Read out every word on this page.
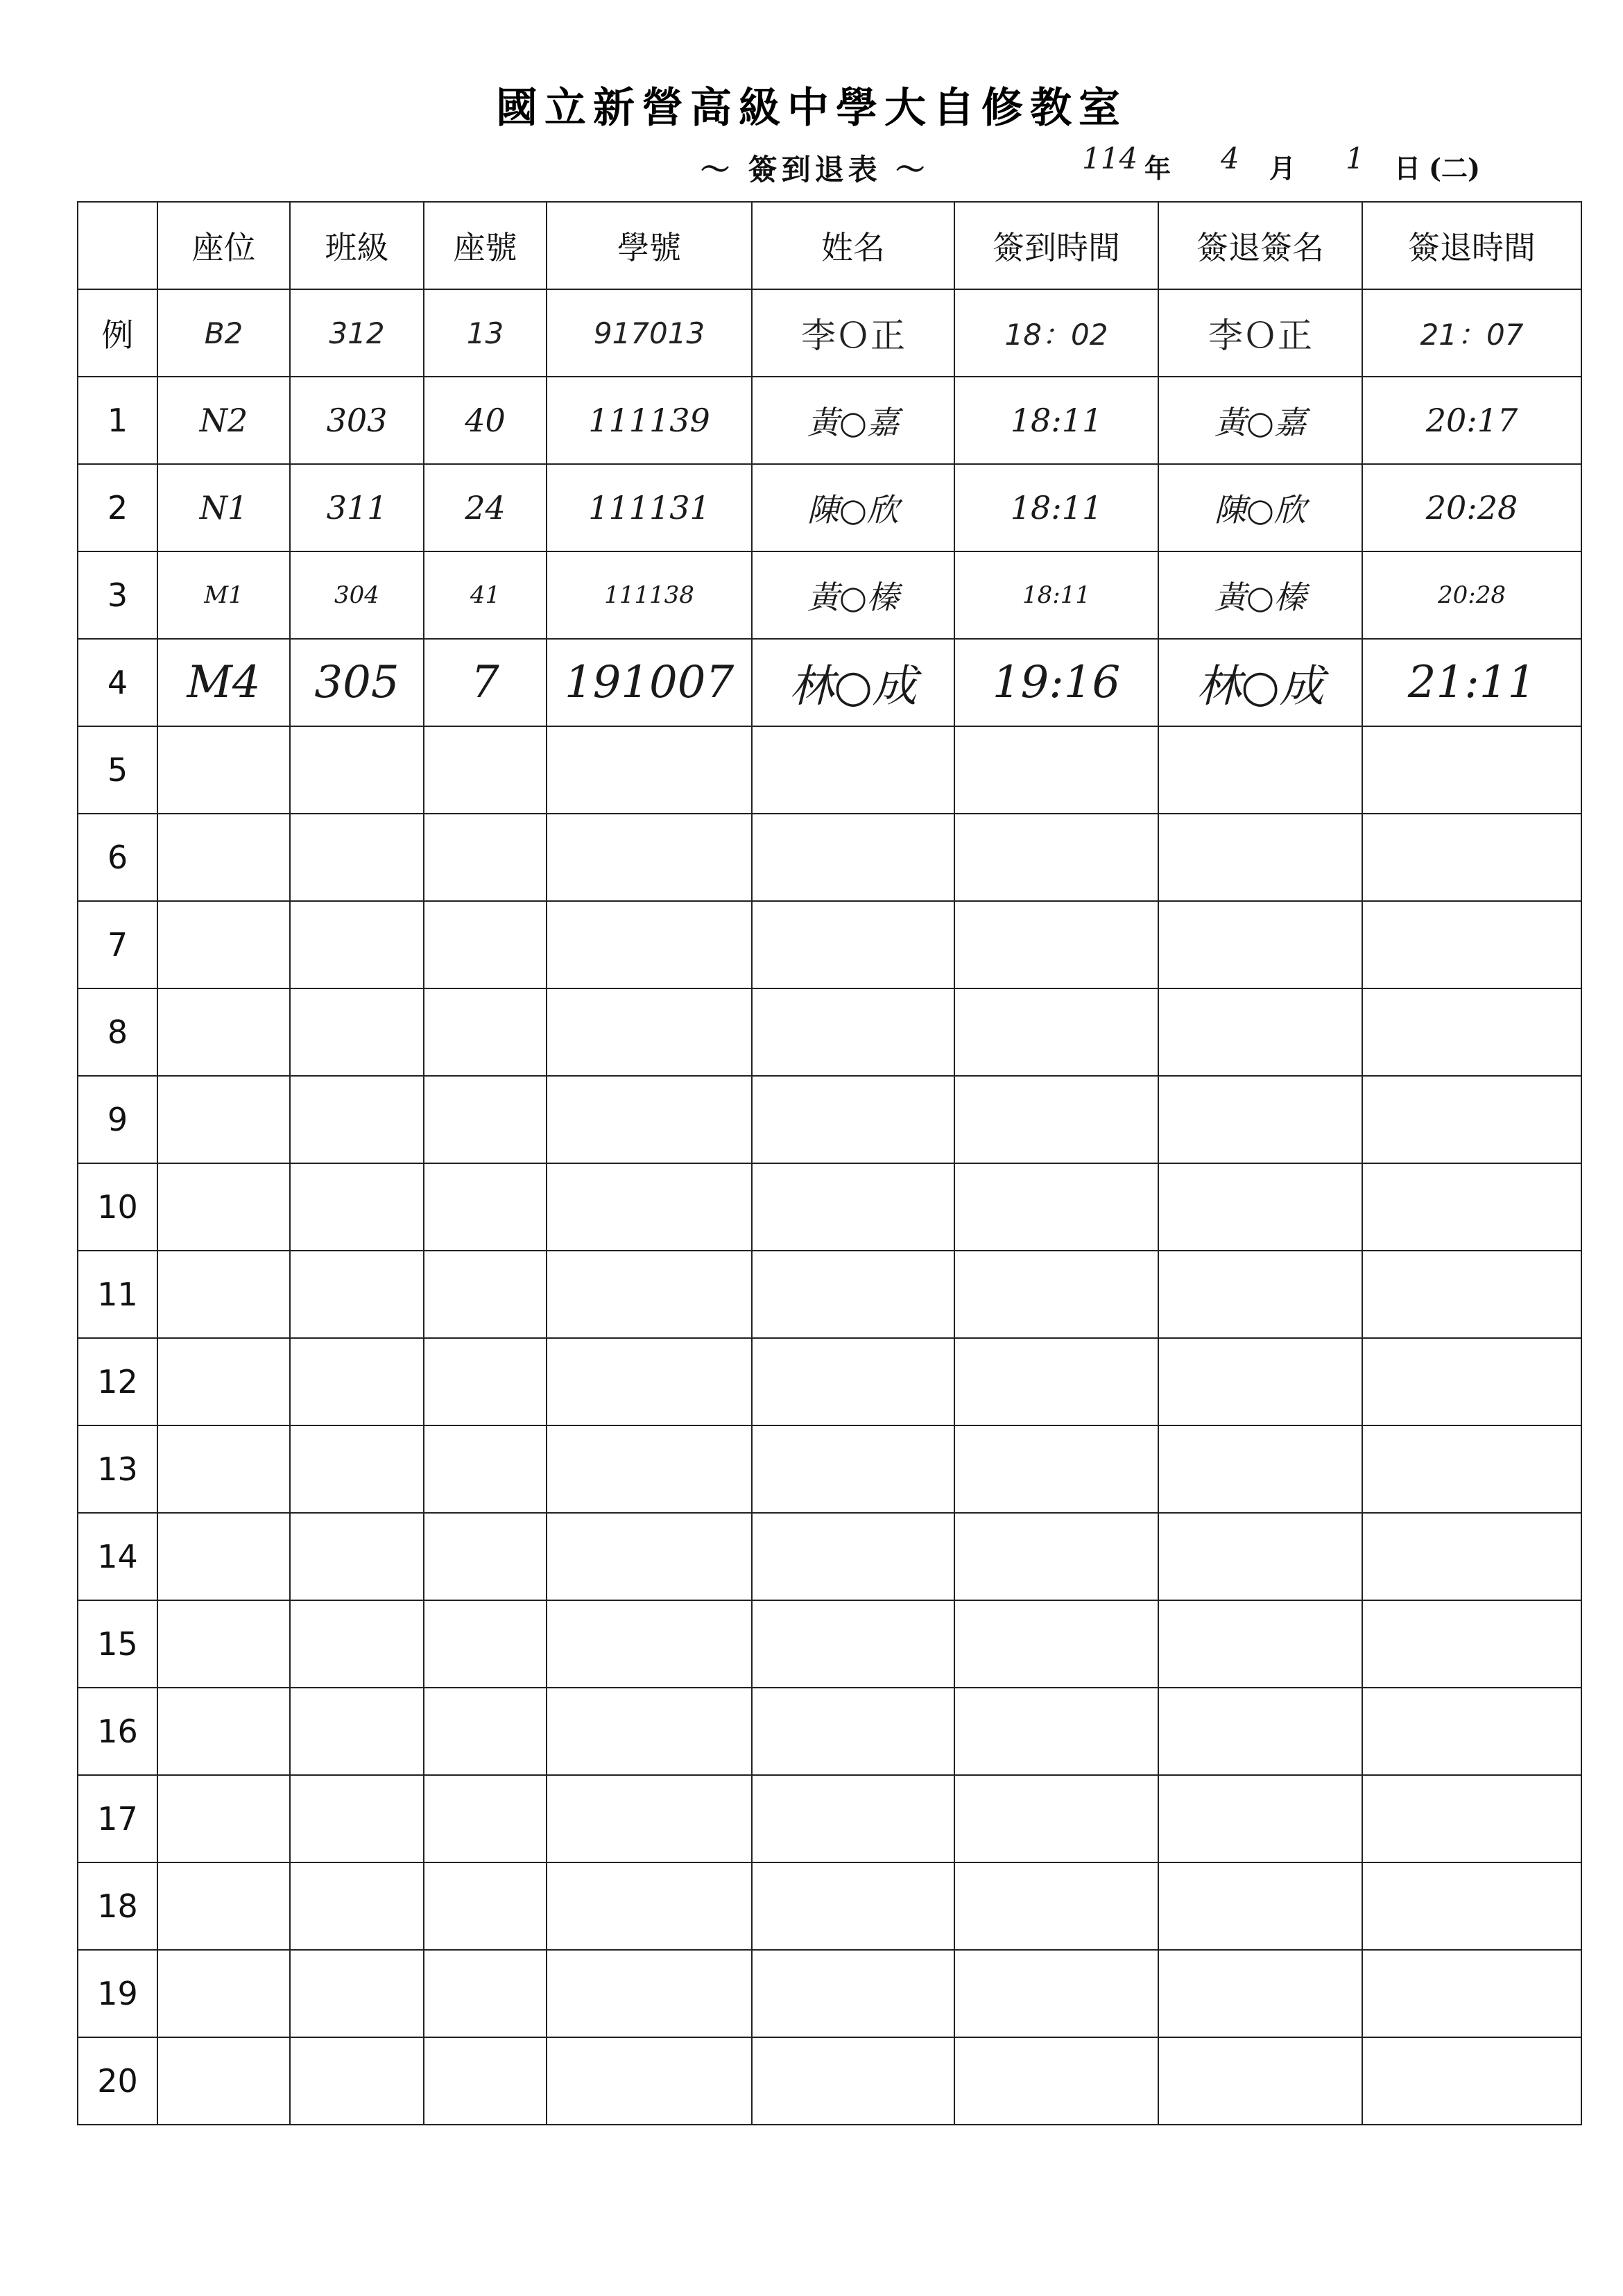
國立新營高級中學大自修教室
～ 簽到退表 ～	114 年 4 月 1 日 (二)
	座位	班級	座號	學號	姓名	簽到時間	簽退簽名	簽退時間
例	B2	312	13	917013	李Ｏ正	18：02	李Ｏ正	21：07
1	N2	303	40	111139	黃○嘉	18:11	黃○嘉	20:17
2	N1	311	24	111131	陳○欣	18:11	陳○欣	20:28
3	M1	304	41	111138	黃○榛	18:11	黃○榛	20:28
4	M4	305	7	191007	林○成	19:16	林○成	21:11
5								
6								
7								
8								
9								
10								
11								
12								
13								
14								
15								
16								
17								
18								
19								
20								
